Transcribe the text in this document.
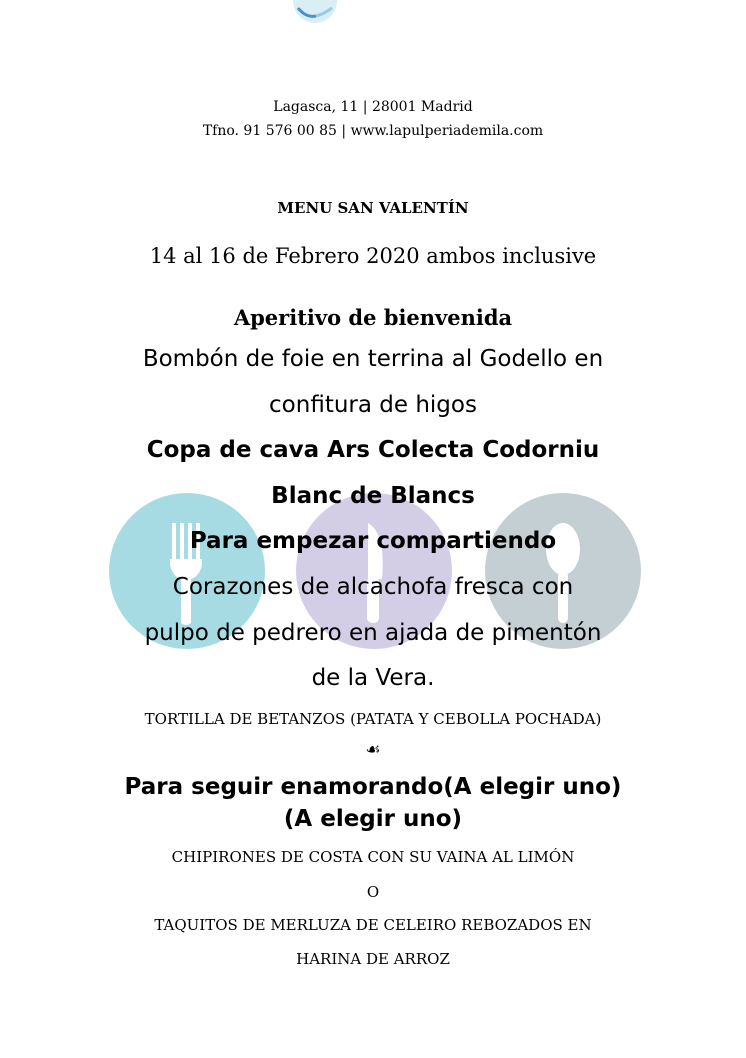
Lagasca, 11 | 28001 Madrid
Tfno. 91 576 00 85 | www.lapulperiademila.com
MENU SAN VALENTÍN
14 al 16 de Febrero 2020 ambos inclusive
Aperitivo de bienvenida
Bombón de foie en terrina al Godello en
confitura de higos
Copa de cava Ars Colecta Codorniu
Blanc de Blancs
Para empezar compartiendo
Corazones de alcachofa fresca con
pulpo de pedrero en ajada de pimentón
de la Vera.
TORTILLA DE BETANZOS (PATATA Y CEBOLLA POCHADA)
☙
Para seguir enamorando(A elegir uno)
(A elegir uno)
CHIPIRONES DE COSTA CON SU VAINA AL LIMÓN
O
TAQUITOS DE MERLUZA DE CELEIRO REBOZADOS EN
HARINA DE ARROZ
